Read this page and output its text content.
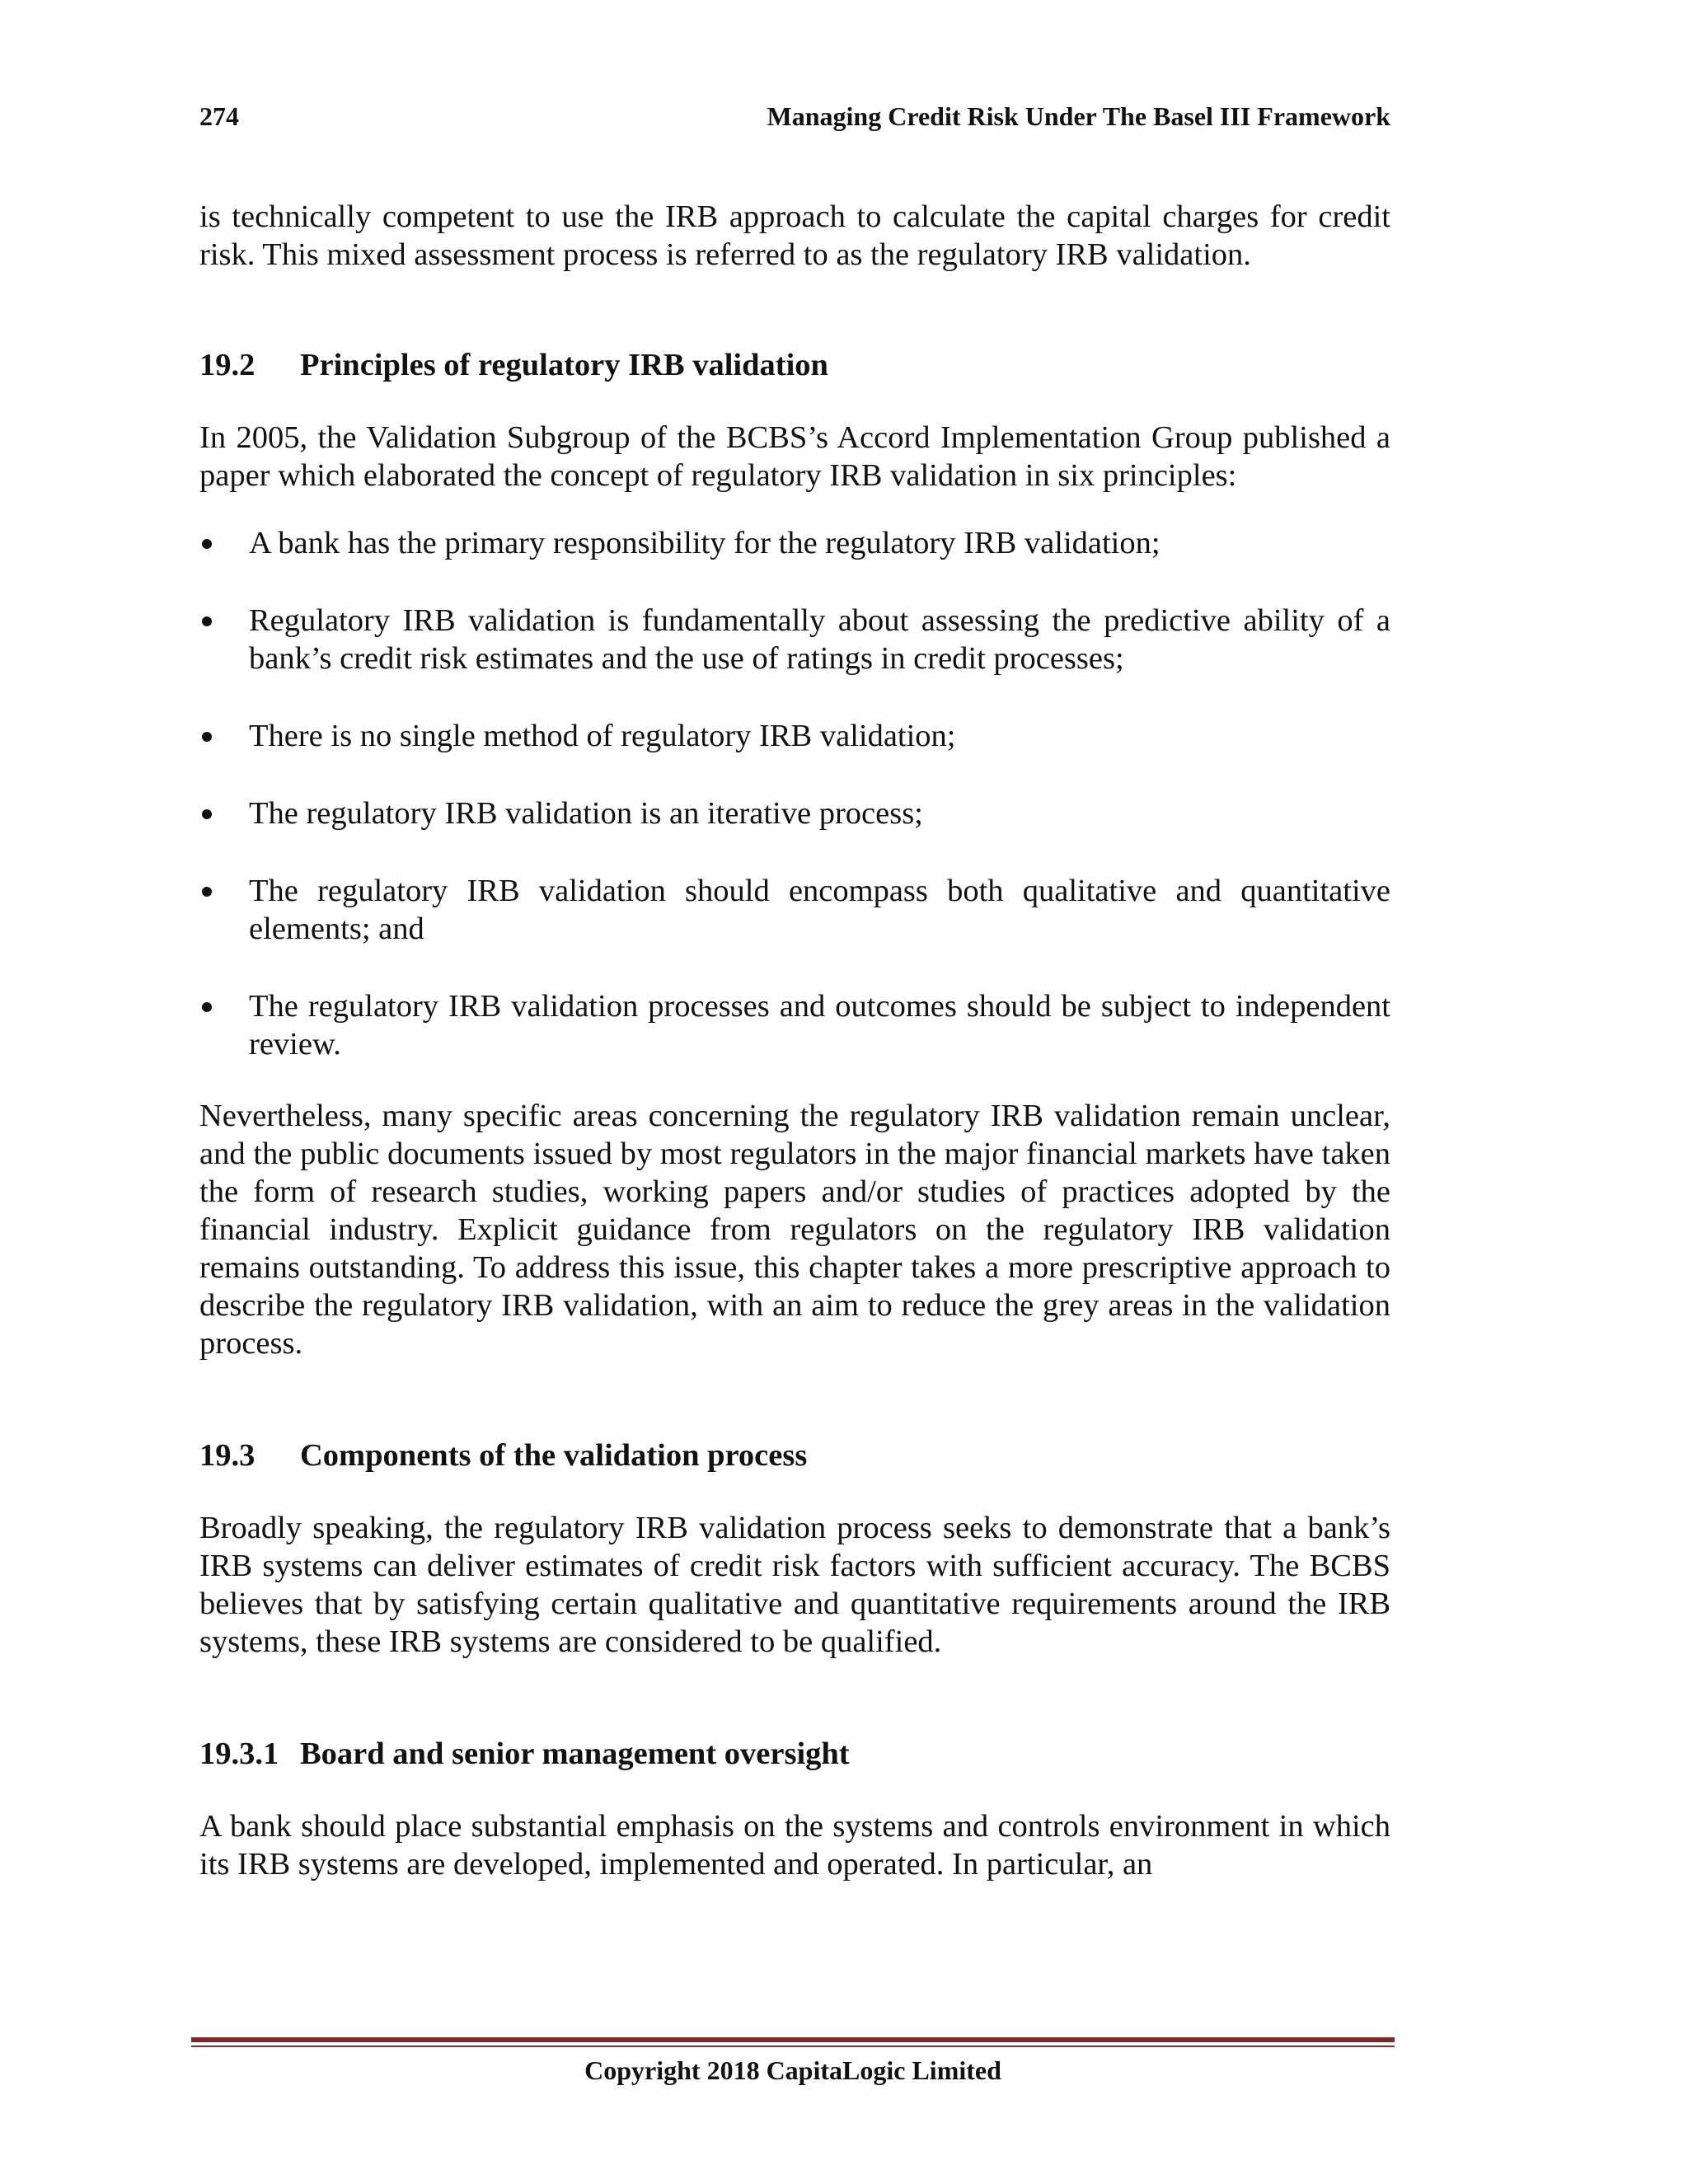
274	Managing Credit Risk Under The Basel III Framework

is technically competent to use the IRB approach to calculate the capital charges for credit risk. This mixed assessment process is referred to as the regulatory IRB validation.

19.2	Principles of regulatory IRB validation

In 2005, the Validation Subgroup of the BCBS’s Accord Implementation Group published a paper which elaborated the concept of regulatory IRB validation in six principles:

A bank has the primary responsibility for the regulatory IRB validation;
Regulatory IRB validation is fundamentally about assessing the predictive ability of a bank’s credit risk estimates and the use of ratings in credit processes;
There is no single method of regulatory IRB validation;
The regulatory IRB validation is an iterative process;
The regulatory IRB validation should encompass both qualitative and quantitative elements; and
The regulatory IRB validation processes and outcomes should be subject to independent review.

Nevertheless, many specific areas concerning the regulatory IRB validation remain unclear, and the public documents issued by most regulators in the major financial markets have taken the form of research studies, working papers and/or studies of practices adopted by the financial industry. Explicit guidance from regulators on the regulatory IRB validation remains outstanding. To address this issue, this chapter takes a more prescriptive approach to describe the regulatory IRB validation, with an aim to reduce the grey areas in the validation process.

19.3	Components of the validation process

Broadly speaking, the regulatory IRB validation process seeks to demonstrate that a bank’s IRB systems can deliver estimates of credit risk factors with sufficient accuracy. The BCBS believes that by satisfying certain qualitative and quantitative requirements around the IRB systems, these IRB systems are considered to be qualified.

19.3.1 Board and senior management oversight

A bank should place substantial emphasis on the systems and controls environment in which its IRB systems are developed, implemented and operated. In particular, an

Copyright 2018 CapitaLogic Limited
